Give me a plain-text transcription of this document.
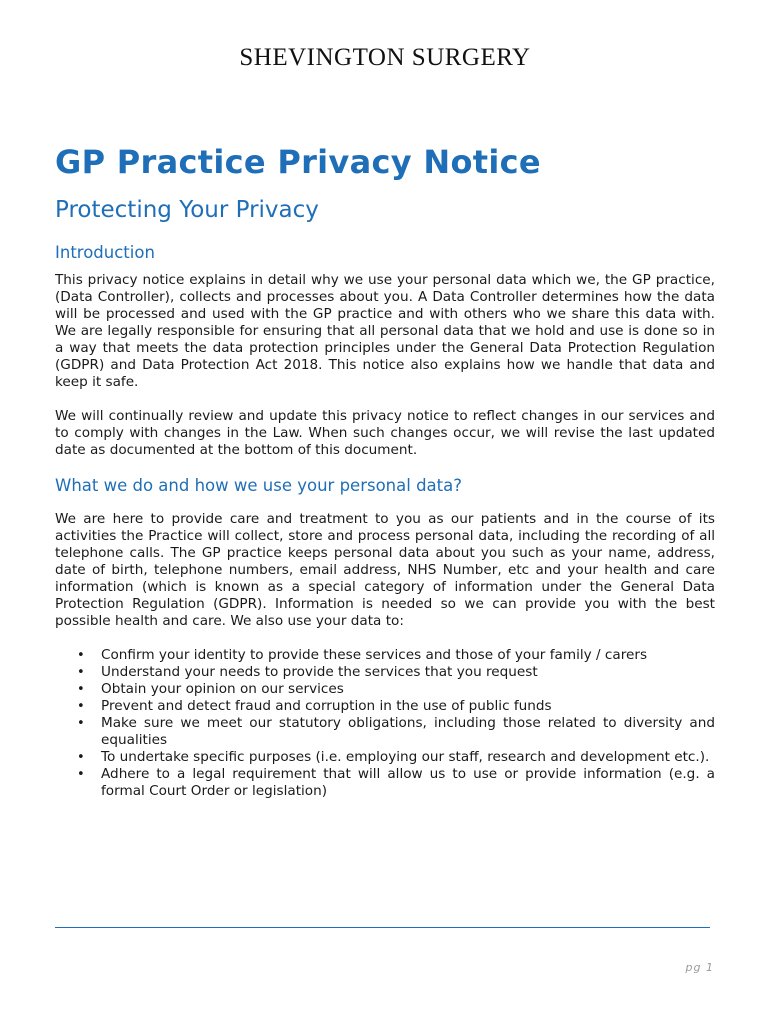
SHEVINGTON SURGERY
GP Practice Privacy Notice
Protecting Your Privacy
Introduction

This privacy notice explains in detail why we use your personal data which we, the GP practice, (Data Controller), collects and processes about you. A Data Controller determines how the data will be processed and used with the GP practice and with others who we share this data with. We are legally responsible for ensuring that all personal data that we hold and use is done so in a way that meets the data protection principles under the General Data Protection Regulation (GDPR) and Data Protection Act 2018. This notice also explains how we handle that data and keep it safe.

We will continually review and update this privacy notice to reflect changes in our services and to comply with changes in the Law. When such changes occur, we will revise the last updated date as documented at the bottom of this document.

What we do and how we use your personal data?

We are here to provide care and treatment to you as our patients and in the course of its activities the Practice will collect, store and process personal data, including the recording of all telephone calls. The GP practice keeps personal data about you such as your name, address, date of birth, telephone numbers, email address, NHS Number, etc and your health and care information (which is known as a special category of information under the General Data Protection Regulation (GDPR). Information is needed so we can provide you with the best possible health and care. We also use your data to:

• Confirm your identity to provide these services and those of your family / carers
• Understand your needs to provide the services that you request
• Obtain your opinion on our services
• Prevent and detect fraud and corruption in the use of public funds
• Make sure we meet our statutory obligations, including those related to diversity and equalities
• To undertake specific purposes (i.e. employing our staff, research and development etc.).
• Adhere to a legal requirement that will allow us to use or provide information (e.g. a formal Court Order or legislation)
pg 1
